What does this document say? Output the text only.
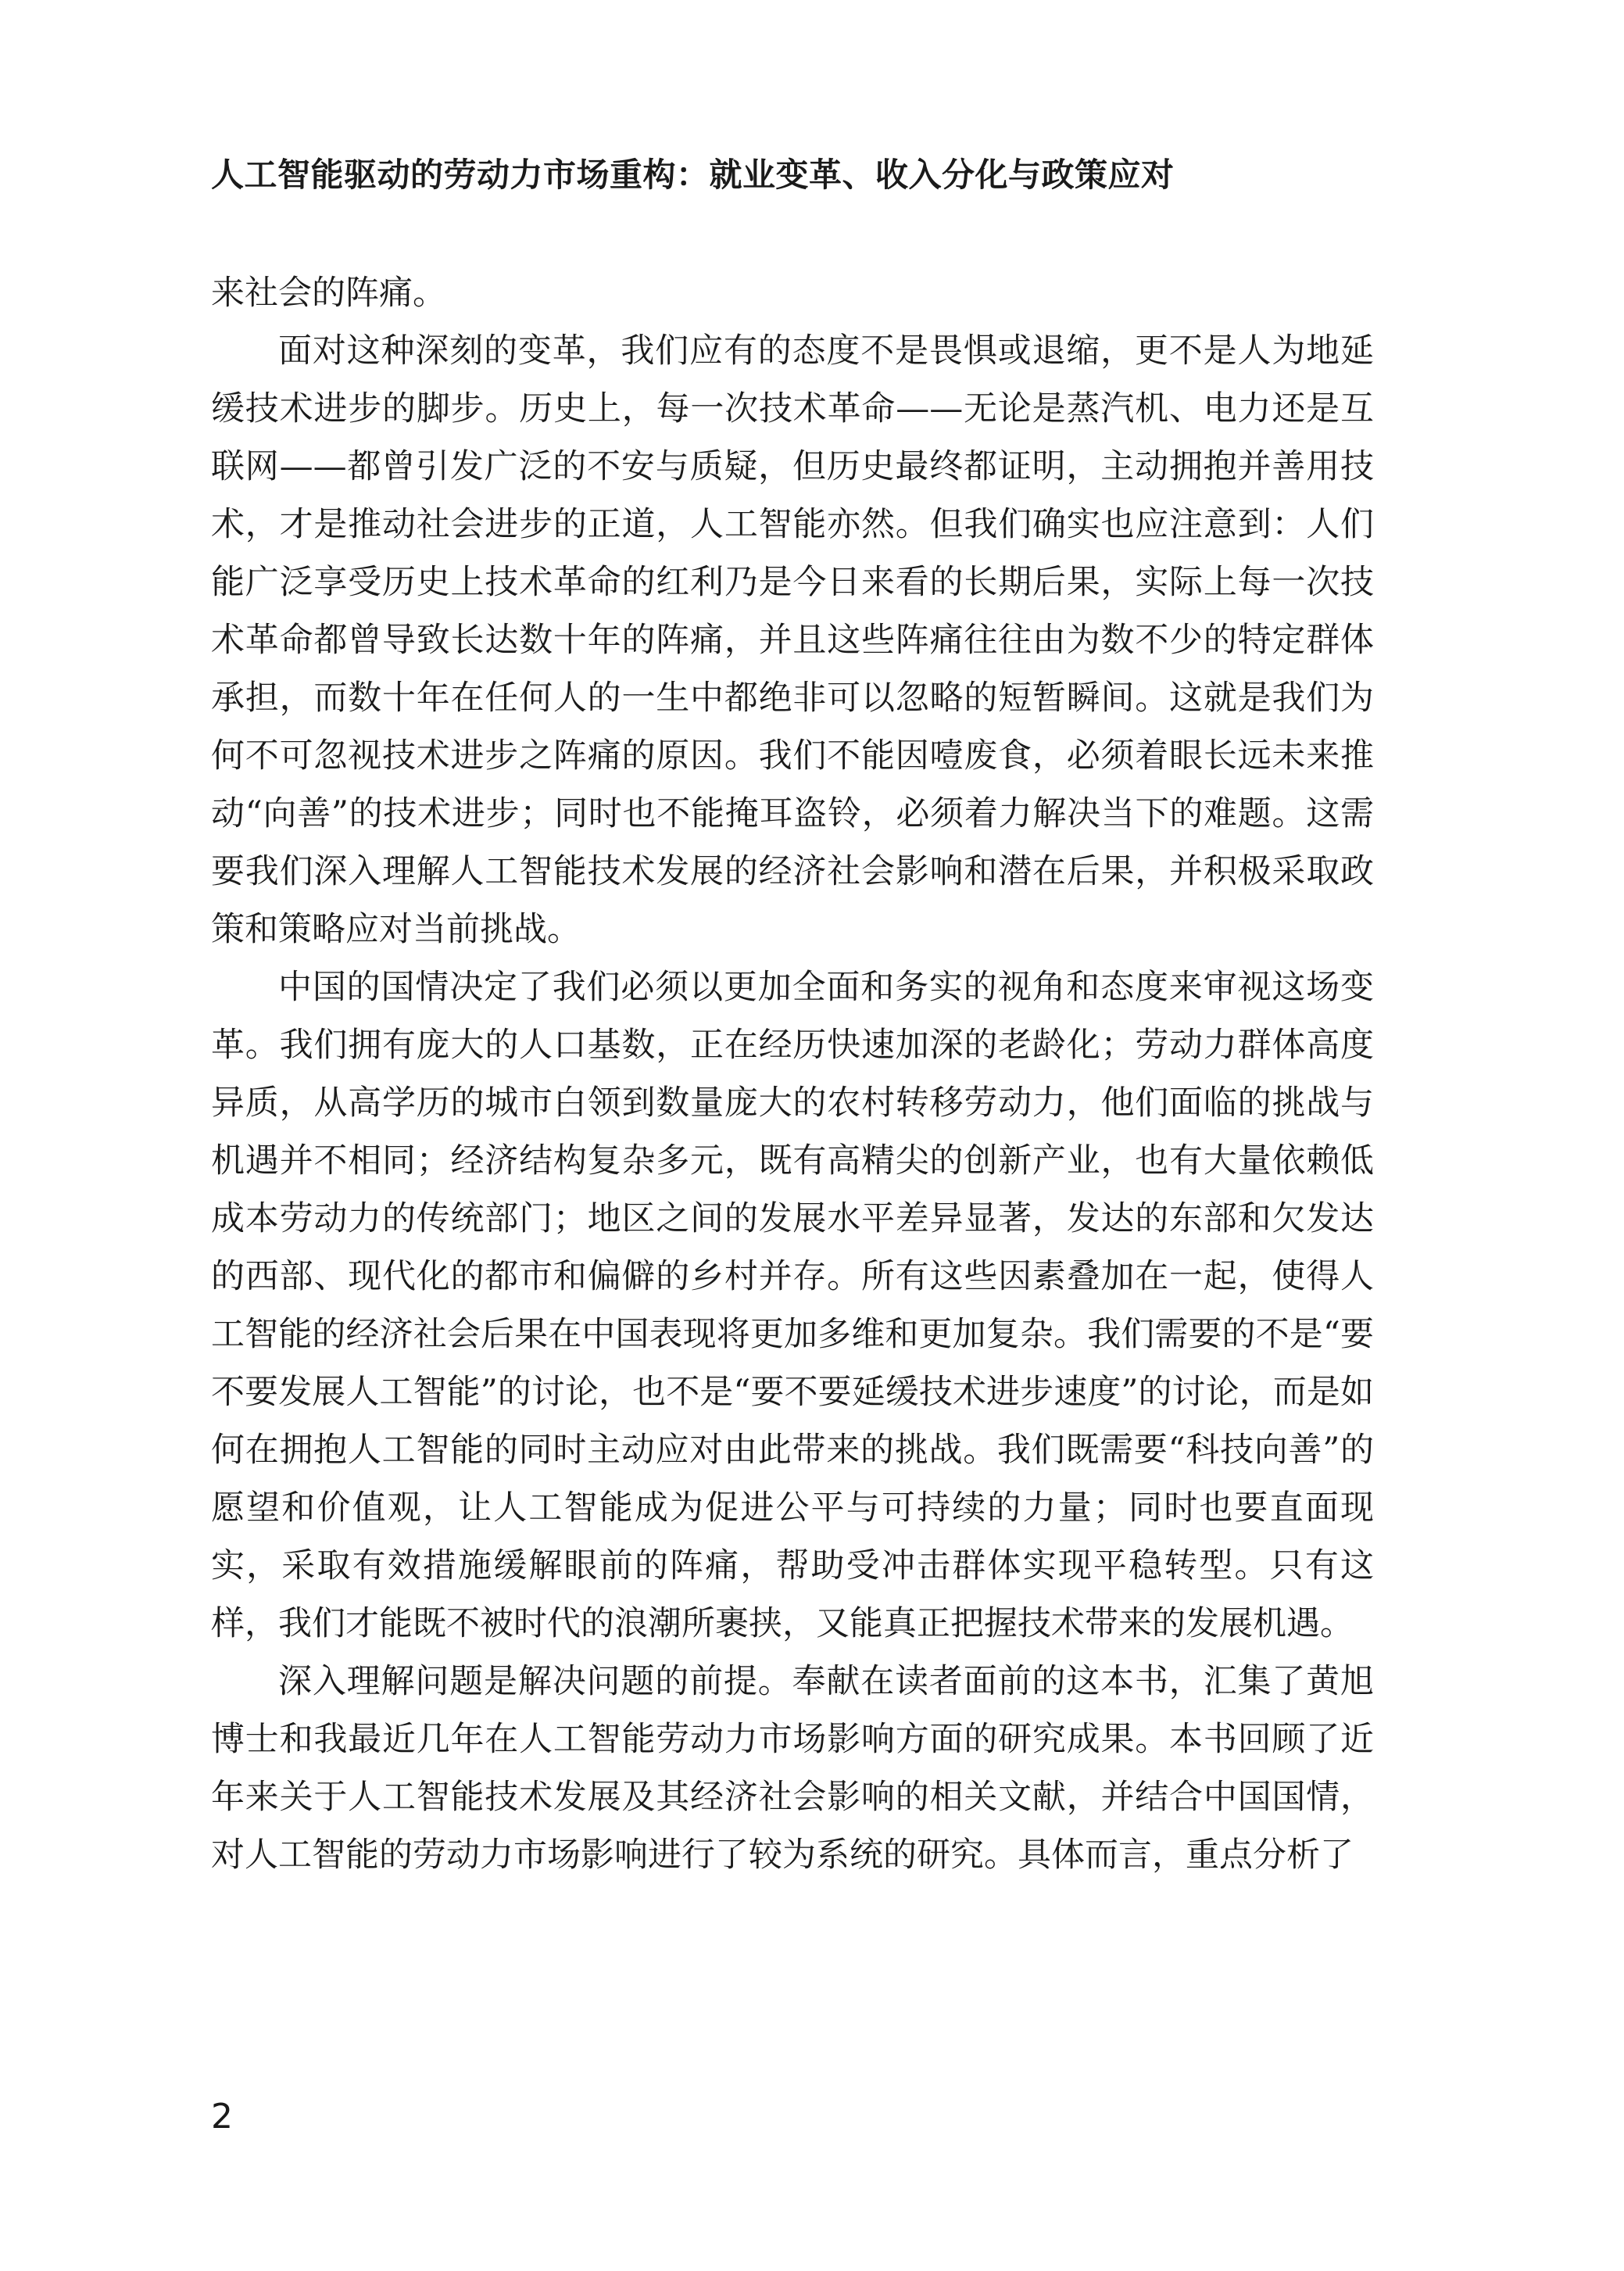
人工智能驱动的劳动力市场重构：就业变革、收入分化与政策应对

来社会的阵痛。

面对这种深刻的变革，我们应有的态度不是畏惧或退缩，更不是人为地延缓技术进步的脚步。历史上，每一次技术革命——无论是蒸汽机、电力还是互联网——都曾引发广泛的不安与质疑，但历史最终都证明，主动拥抱并善用技术，才是推动社会进步的正道，人工智能亦然。但我们确实也应注意到：人们能广泛享受历史上技术革命的红利乃是今日来看的长期后果，实际上每一次技术革命都曾导致长达数十年的阵痛，并且这些阵痛往往由为数不少的特定群体承担，而数十年在任何人的一生中都绝非可以忽略的短暂瞬间。这就是我们为何不可忽视技术进步之阵痛的原因。我们不能因噎废食，必须着眼长远未来推动“向善”的技术进步；同时也不能掩耳盗铃，必须着力解决当下的难题。这需要我们深入理解人工智能技术发展的经济社会影响和潜在后果，并积极采取政策和策略应对当前挑战。

中国的国情决定了我们必须以更加全面和务实的视角和态度来审视这场变革。我们拥有庞大的人口基数，正在经历快速加深的老龄化；劳动力群体高度异质，从高学历的城市白领到数量庞大的农村转移劳动力，他们面临的挑战与机遇并不相同；经济结构复杂多元，既有高精尖的创新产业，也有大量依赖低成本劳动力的传统部门；地区之间的发展水平差异显著，发达的东部和欠发达的西部、现代化的都市和偏僻的乡村并存。所有这些因素叠加在一起，使得人工智能的经济社会后果在中国表现将更加多维和更加复杂。我们需要的不是“要不要发展人工智能”的讨论，也不是“要不要延缓技术进步速度”的讨论，而是如何在拥抱人工智能的同时主动应对由此带来的挑战。我们既需要“科技向善”的愿望和价值观，让人工智能成为促进公平与可持续的力量；同时也要直面现实，采取有效措施缓解眼前的阵痛，帮助受冲击群体实现平稳转型。只有这样，我们才能既不被时代的浪潮所裹挟，又能真正把握技术带来的发展机遇。

深入理解问题是解决问题的前提。奉献在读者面前的这本书，汇集了黄旭博士和我最近几年在人工智能劳动力市场影响方面的研究成果。本书回顾了近年来关于人工智能技术发展及其经济社会影响的相关文献，并结合中国国情，对人工智能的劳动力市场影响进行了较为系统的研究。具体而言，重点分析了

2
